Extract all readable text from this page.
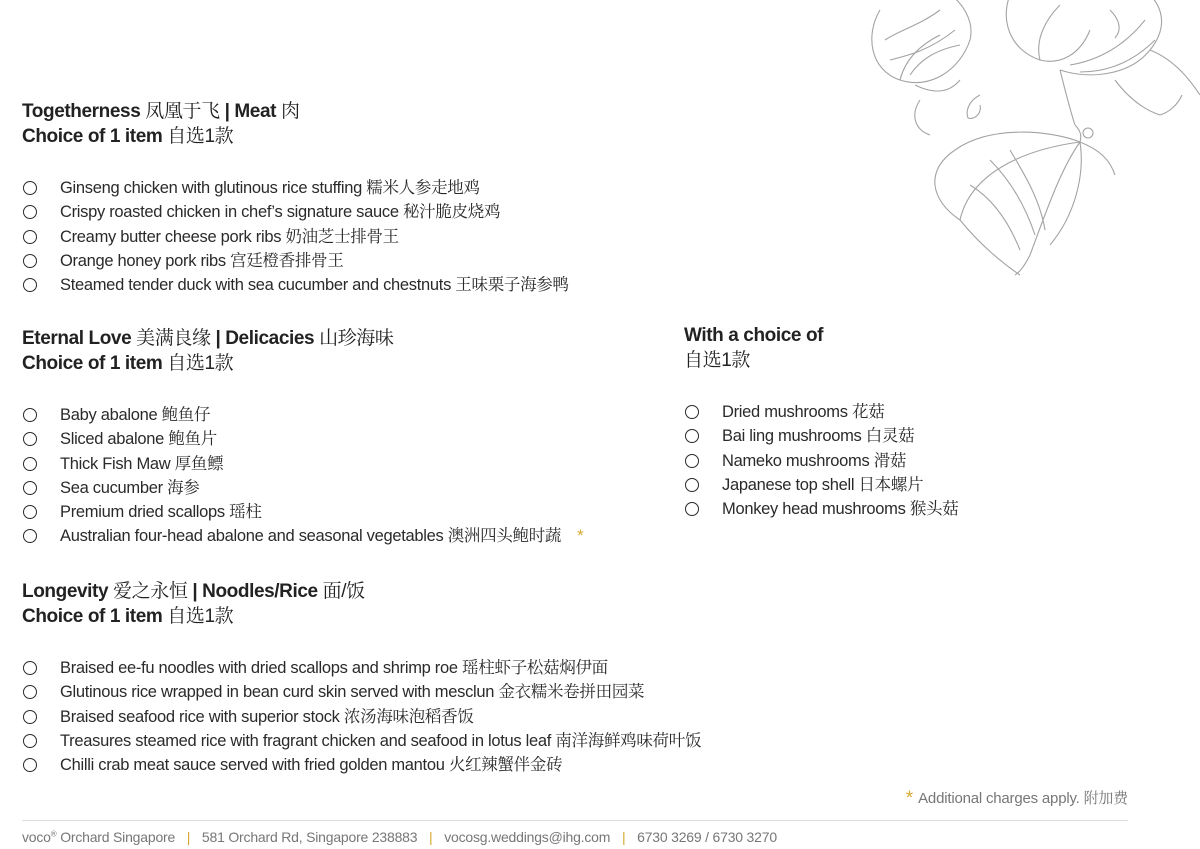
Togetherness 凤凰于飞 | Meat 肉
Choice of 1 item 自选1款
Ginseng chicken with glutinous rice stuffing 糯米人参走地鸡
Crispy roasted chicken in chef’s signature sauce 秘汁脆皮烧鸡
Creamy butter cheese pork ribs 奶油芝士排骨王
Orange honey pork ribs 宫廷橙香排骨王
Steamed tender duck with sea cucumber and chestnuts 王味栗子海参鸭
Eternal Love 美满良缘 | Delicacies 山珍海味
Choice of 1 item 自选1款
Baby abalone 鲍鱼仔
Sliced abalone 鲍鱼片
Thick Fish Maw 厚鱼鳔
Sea cucumber 海参
Premium dried scallops 瑶柱
Australian four-head abalone and seasonal vegetables 澳洲四头鲍时蔬 *
With a choice of
自选1款
Dried mushrooms 花菇
Bai ling mushrooms 白灵菇
Nameko mushrooms 滑菇
Japanese top shell 日本螺片
Monkey head mushrooms 猴头菇
Longevity 爱之永恒 | Noodles/Rice 面/饭
Choice of 1 item 自选1款
Braised ee-fu noodles with dried scallops and shrimp roe 瑶柱虾子松菇焖伊面
Glutinous rice wrapped in bean curd skin served with mesclun 金衣糯米卷拼田园菜
Braised seafood rice with superior stock 浓汤海味泡稻香饭
Treasures steamed rice with fragrant chicken and seafood in lotus leaf 南洋海鲜鸡味荷叶饭
Chilli crab meat sauce served with fried golden mantou 火红辣蟹伴金砖
* Additional charges apply. 附加费
voco® Orchard Singapore | 581 Orchard Rd, Singapore 238883 | vocosg.weddings@ihg.com | 6730 3269 / 6730 3270
